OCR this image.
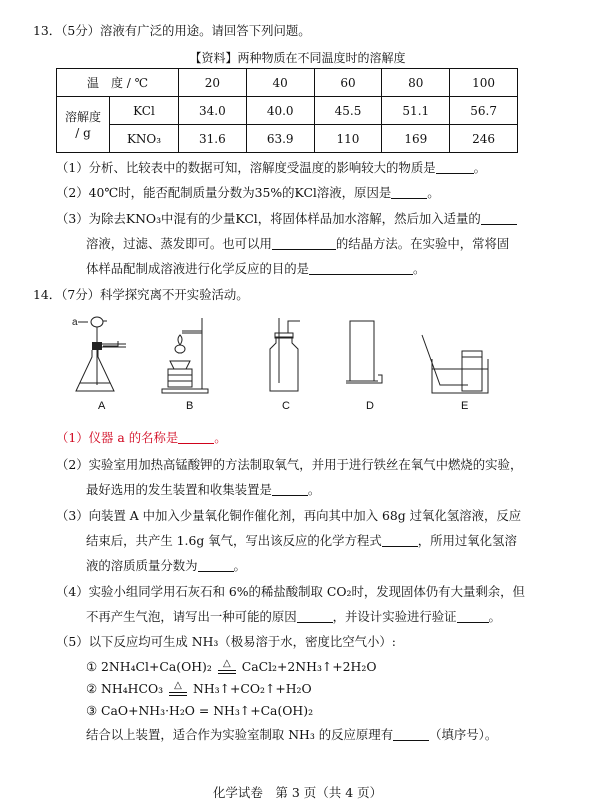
13．（5分）溶液有广泛的用途。请回答下列问题。
【资料】两种物质在不同温度时的溶解度
温　度 / ℃		20	40	60	80	100
溶解度 / g	KCl	34.0	40.0	45.5	51.1	56.7
	KNO₃	31.6	63.9	110	169	246
（1）分析、比较表中的数据可知，溶解度受温度的影响较大的物质是	。
（2）40℃时，能否配制质量分数为35%的KCl溶液，原因是	。
（3）为除去KNO₃中混有的少量KCl，将固体样品加水溶解，然后加入适量的
溶液，过滤、蒸发即可。也可以用	的结晶方法。在实验中，常将固
体样品配制成溶液进行化学反应的目的是	。
14．（7分）科学探究离不开实验活动。
a
A	B	C	D	E
（1）仪器 a 的名称是	。
（2）实验室用加热高锰酸钾的方法制取氧气，并用于进行铁丝在氧气中燃烧的实验，
最好选用的发生装置和收集装置是	。
（3）向装置 A 中加入少量氧化铜作催化剂，再向其中加入 68g 过氧化氢溶液，反应
结束后，共产生 1.6g 氧气，写出该反应的化学方程式	，所用过氧化氢溶
液的溶质质量分数为	。
（4）实验小组同学用石灰石和 6%的稀盐酸制取 CO₂时，发现固体仍有大量剩余，但
不再产生气泡，请写出一种可能的原因	，并设计实验进行验证	。
（5）以下反应均可生成 NH₃（极易溶于水，密度比空气小）:
① 2NH₄Cl+Ca(OH)₂ △ CaCl₂+2NH₃↑+2H₂O
② NH₄HCO₃ △ NH₃↑+CO₂↑+H₂O
③ CaO+NH₃·H₂O = NH₃↑+Ca(OH)₂
结合以上装置，适合作为实验室制取 NH₃ 的反应原理有	（填序号）。
化学试卷　第 3 页（共 4 页）
